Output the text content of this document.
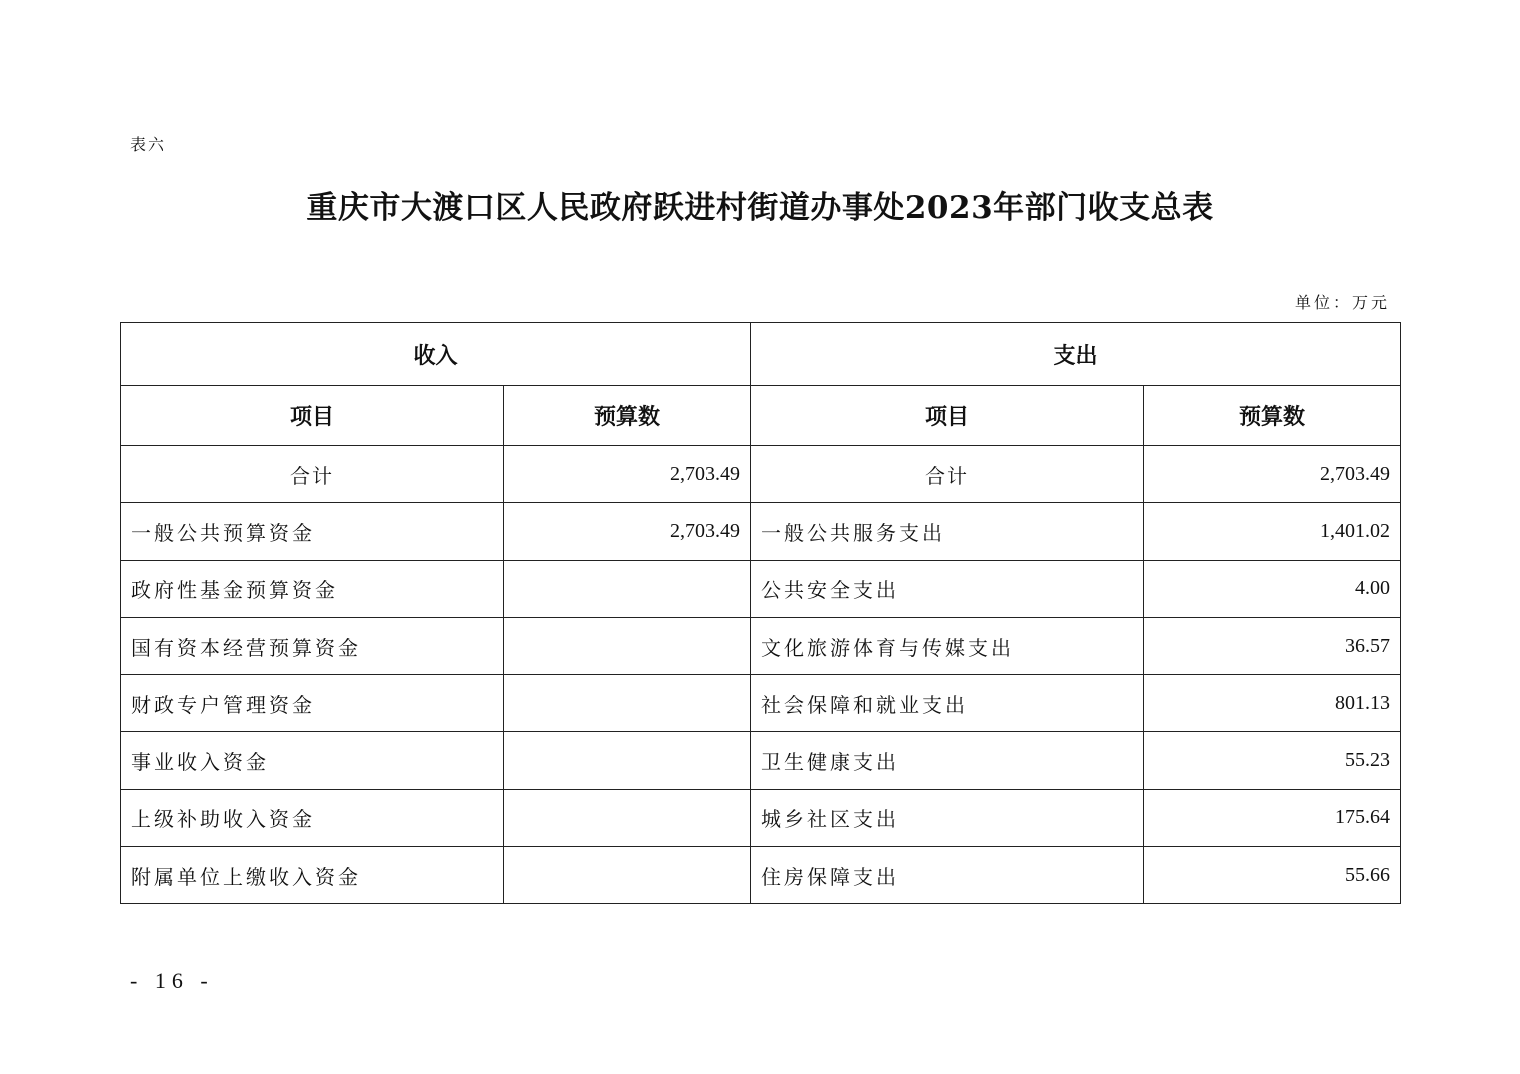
表六
重庆市大渡口区人民政府跃进村街道办事处2023年部门收支总表
单位：万元
收入		支出	
项目	预算数	项目	预算数
合计	2,703.49	合计	2,703.49
一般公共预算资金	2,703.49	一般公共服务支出	1,401.02
政府性基金预算资金		公共安全支出	4.00
国有资本经营预算资金		文化旅游体育与传媒支出	36.57
财政专户管理资金		社会保障和就业支出	801.13
事业收入资金		卫生健康支出	55.23
上级补助收入资金		城乡社区支出	175.64
附属单位上缴收入资金		住房保障支出	55.66
- 16 -
